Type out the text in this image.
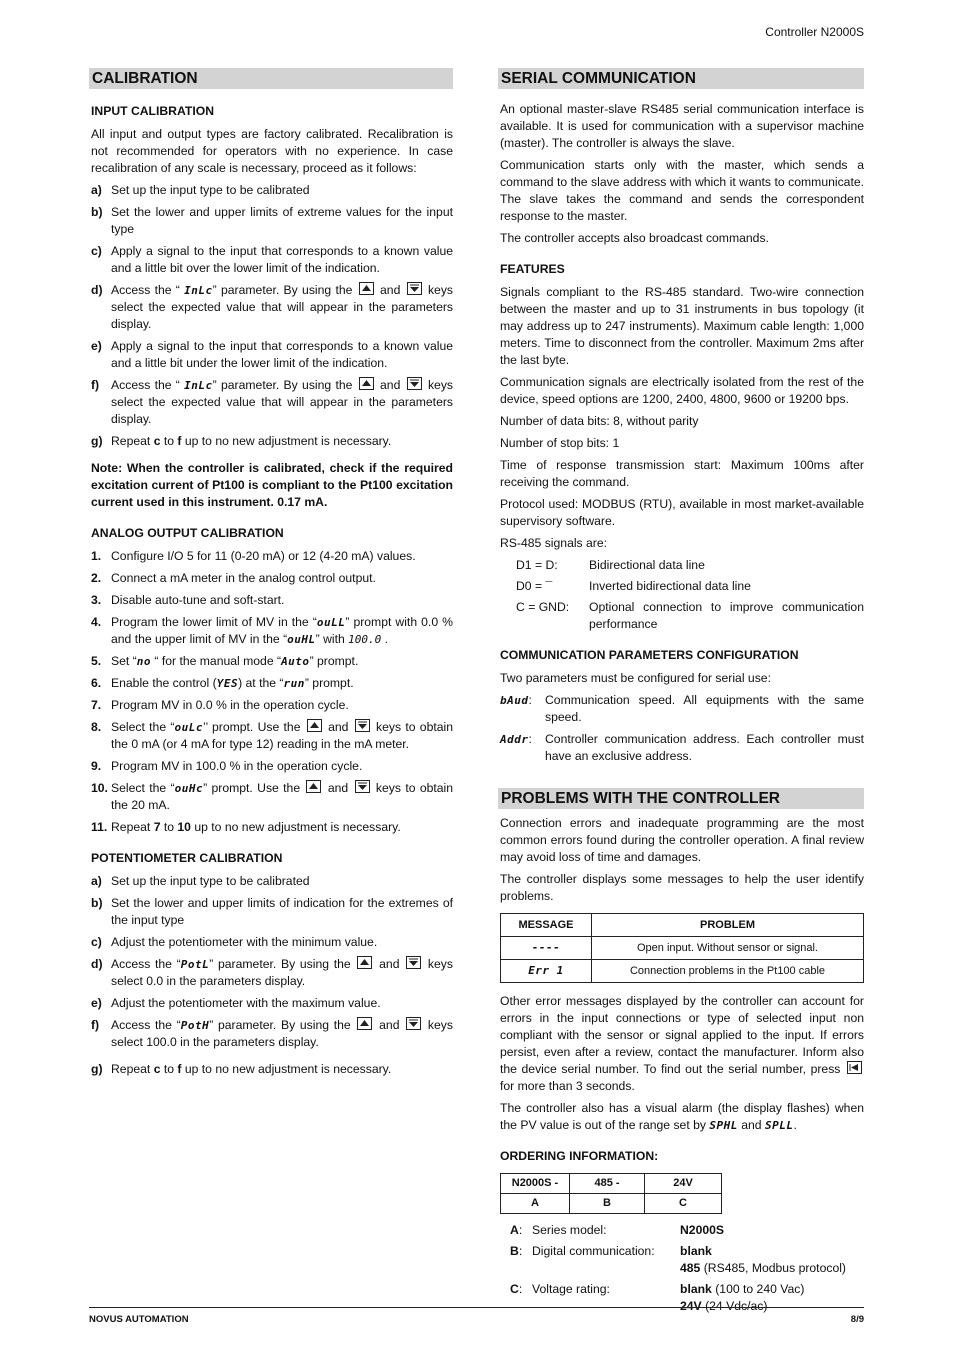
Controller N2000S
CALIBRATION
INPUT CALIBRATION

All input and output types are factory calibrated. Recalibration is not recommended for operators with no experience. In case recalibration of any scale is necessary, proceed as it follows:

a) Set up the input type to be calibrated
b) Set the lower and upper limits of extreme values for the input type
c) Apply a signal to the input that corresponds to a known value and a little bit over the lower limit of the indication.
d) Access the “ InLc” parameter. By using the and keys select the expected value that will appear in the parameters display.
e) Apply a signal to the input that corresponds to a known value and a little bit under the lower limit of the indication.
f) Access the “ InLc” parameter. By using the and keys select the expected value that will appear in the parameters display.
g) Repeat c to f up to no new adjustment is necessary.
Note: When the controller is calibrated, check if the required excitation current of Pt100 is compliant to the Pt100 excitation current used in this instrument. 0.17 mA.
ANALOG OUTPUT CALIBRATION
1. Configure I/O 5 for 11 (0-20 mA) or 12 (4-20 mA) values.
2. Connect a mA meter in the analog control output.
3. Disable auto-tune and soft-start.
4. Program the lower limit of MV in the “ouLL” prompt with 0.0 % and the upper limit of MV in the “ouHL” with 100.0 .
5. Set “no “ for the manual mode “Auto” prompt.
6. Enable the control (YES) at the “run” prompt.
7. Program MV in 0.0 % in the operation cycle.
8. Select the “ouLc’’ prompt. Use the and keys to obtain the 0 mA (or 4 mA for type 12) reading in the mA meter.
9. Program MV in 100.0 % in the operation cycle.
10. Select the “ouHc” prompt. Use the and keys to obtain the 20 mA.
11. Repeat 7 to 10 up to no new adjustment is necessary.
POTENTIOMETER CALIBRATION
a) Set up the input type to be calibrated
b) Set the lower and upper limits of indication for the extremes of the input type
c) Adjust the potentiometer with the minimum value.
d) Access the “PotL” parameter. By using the and keys select 0.0 in the parameters display.
e) Adjust the potentiometer with the maximum value.
f) Access the “PotH” parameter. By using the and keys select 100.0 in the parameters display.
g) Repeat c to f up to no new adjustment is necessary.
SERIAL COMMUNICATION

An optional master-slave RS485 serial communication interface is available. It is used for communication with a supervisor machine (master). The controller is always the slave.

Communication starts only with the master, which sends a command to the slave address with which it wants to communicate. The slave takes the command and sends the correspondent response to the master.

The controller accepts also broadcast commands.

FEATURES

Signals compliant to the RS-485 standard. Two-wire connection between the master and up to 31 instruments in bus topology (it may address up to 247 instruments). Maximum cable length: 1,000 meters. Time to disconnect from the controller. Maximum 2ms after the last byte.

Communication signals are electrically isolated from the rest of the device, speed options are 1200, 2400, 4800, 9600 or 19200 bps.

Number of data bits: 8, without parity

Number of stop bits: 1

Time of response transmission start: Maximum 100ms after receiving the command.

Protocol used: MODBUS (RTU), available in most market-available supervisory software.

RS-485 signals are:

D1 = D:	Bidirectional data line
D0 = ¯	Inverted bidirectional data line
C = GND:	Optional connection to improve communication performance
COMMUNICATION PARAMETERS CONFIGURATION

Two parameters must be configured for serial use:

bAud:	Communication speed. All equipments with the same speed.
Addr:	Controller communication address. Each controller must have an exclusive address.
PROBLEMS WITH THE CONTROLLER

Connection errors and inadequate programming are the most common errors found during the controller operation. A final review may avoid loss of time and damages.

The controller displays some messages to help the user identify problems.

MESSAGE	PROBLEM
----	Open input. Without sensor or signal.
Err 1	Connection problems in the Pt100 cable

Other error messages displayed by the controller can account for errors in the input connections or type of selected input non compliant with the sensor or signal applied to the input. If errors persist, even after a review, contact the manufacturer. Inform also the device serial number. To find out the serial number, press
for more than 3 seconds.

The controller also has a visual alarm (the display flashes) when the PV value is out of the range set by SPHL and SPLL.

ORDERING INFORMATION:
N2000S -	485 -	24V
A	B	C
A: Series model:	N2000S
B: Digital communication:	blank
485 (RS485, Modbus protocol)
C: Voltage rating:	blank (100 to 240 Vac)
24V (24 Vdc/ac)
NOVUS AUTOMATION	8/9
